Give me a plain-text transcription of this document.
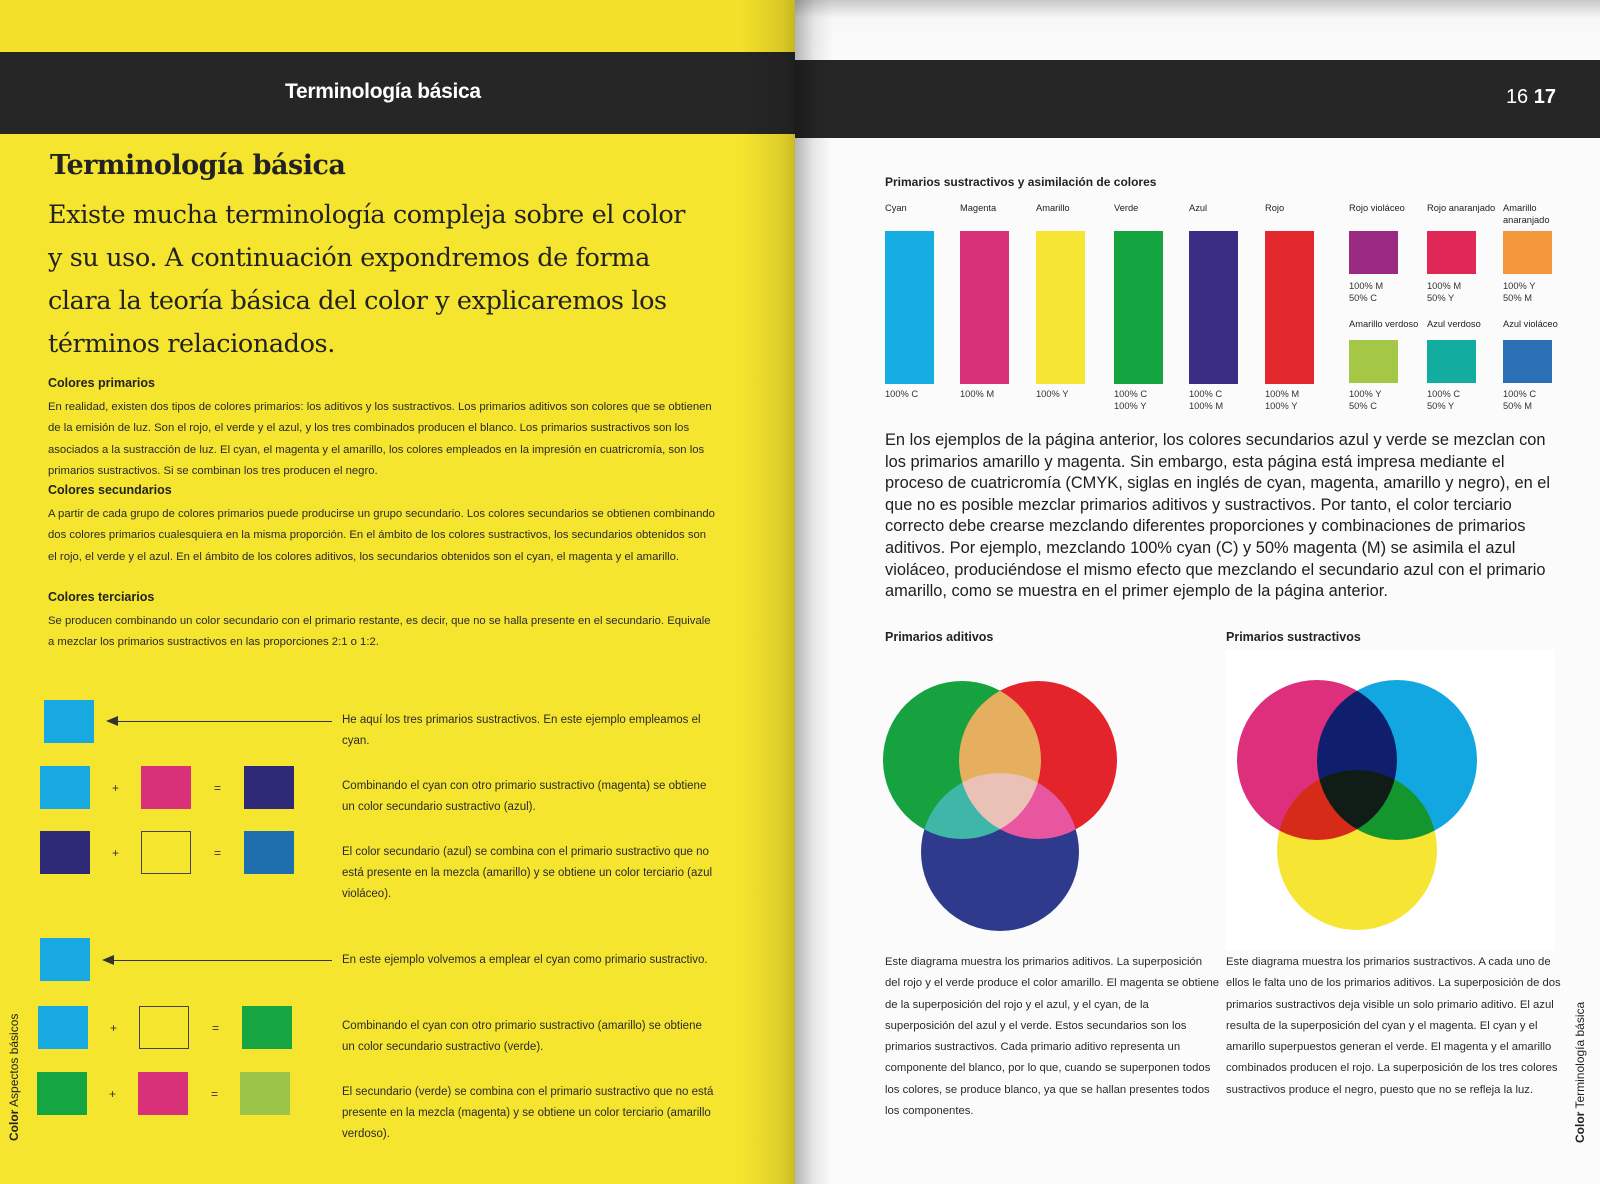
Terminología básica
Terminología básica
Existe mucha terminología compleja sobre el color y su uso. A continuación expondremos de forma clara la teoría básica del color y explicaremos los términos relacionados.
Colores primarios
En realidad, existen dos tipos de colores primarios: los aditivos y los sustractivos. Los primarios aditivos son colores que se obtienen de la emisión de luz. Son el rojo, el verde y el azul, y los tres combinados producen el blanco. Los primarios sustractivos son los asociados a la sustracción de luz. El cyan, el magenta y el amarillo, los colores empleados en la impresión en cuatricromía, son los primarios sustractivos. Si se combinan los tres producen el negro.
Colores secundarios
A partir de cada grupo de colores primarios puede producirse un grupo secundario. Los colores secundarios se obtienen combinando dos colores primarios cualesquiera en la misma proporción. En el ámbito de los colores sustractivos, los secundarios obtenidos son el rojo, el verde y el azul. En el ámbito de los colores aditivos, los secundarios obtenidos son el cyan, el magenta y el amarillo.
Colores terciarios
Se producen combinando un color secundario con el primario restante, es decir, que no se halla presente en el secundario. Equivale a mezclar los primarios sustractivos en las proporciones 2:1 o 1:2.
He aquí los tres primarios sustractivos. En este ejemplo empleamos el cyan.
+	=	Combinando el cyan con otro primario sustractivo (magenta) se obtiene un color secundario sustractivo (azul).
+	=	El color secundario (azul) se combina con el primario sustractivo que no está presente en la mezcla (amarillo) y se obtiene un color terciario (azul violáceo).
En este ejemplo volvemos a emplear el cyan como primario sustractivo.
+	=	Combinando el cyan con otro primario sustractivo (amarillo) se obtiene un color secundario sustractivo (verde).
+	=	El secundario (verde) se combina con el primario sustractivo que no está presente en la mezcla (magenta) y se obtiene un color terciario (amarillo verdoso).
Color Aspectos básicos
16 17
Primarios sustractivos y asimilación de colores
En los ejemplos de la página anterior, los colores secundarios azul y verde se mezclan con los primarios amarillo y magenta. Sin embargo, esta página está impresa mediante el proceso de cuatricromía (CMYK, siglas en inglés de cyan, magenta, amarillo y negro), en el que no es posible mezclar primarios aditivos y sustractivos. Por tanto, el color terciario correcto debe crearse mezclando diferentes proporciones y combinaciones de primarios aditivos. Por ejemplo, mezclando 100% cyan (C) y 50% magenta (M) se asimila el azul violáceo, produciéndose el mismo efecto que mezclando el secundario azul con el primario amarillo, como se muestra en el primer ejemplo de la página anterior.
Primarios aditivos	Primarios sustractivos
Este diagrama muestra los primarios aditivos. La superposición del rojo y el verde produce el color amarillo. El magenta se obtiene de la superposición del rojo y el azul, y el cyan, de la superposición del azul y el verde. Estos secundarios son los primarios sustractivos. Cada primario aditivo representa un componente del blanco, por lo que, cuando se superponen todos los colores, se produce blanco, ya que se hallan presentes todos los componentes.
Este diagrama muestra los primarios sustractivos. A cada uno de ellos le falta uno de los primarios aditivos. La superposición de dos primarios sustractivos deja visible un solo primario aditivo. El azul resulta de la superposición del cyan y el magenta. El cyan y el amarillo superpuestos generan el verde. El magenta y el amarillo combinados producen el rojo. La superposición de los tres colores sustractivos produce el negro, puesto que no se refleja la luz.
Color Terminología básica
Cyan
100% C
Magenta
100% M
Amarillo
100% Y
Verde
100% C
100% Y
Azul
100% C
100% M
Rojo
100% M
100% Y
Rojo violáceo
100% M
50% C
Rojo anaranjado
100% M
50% Y
Amarillo anaranjado
100% Y
50% M
Amarillo verdoso
100% Y
50% C
Azul verdoso
100% C
50% Y
Azul violáceo
100% C
50% M
